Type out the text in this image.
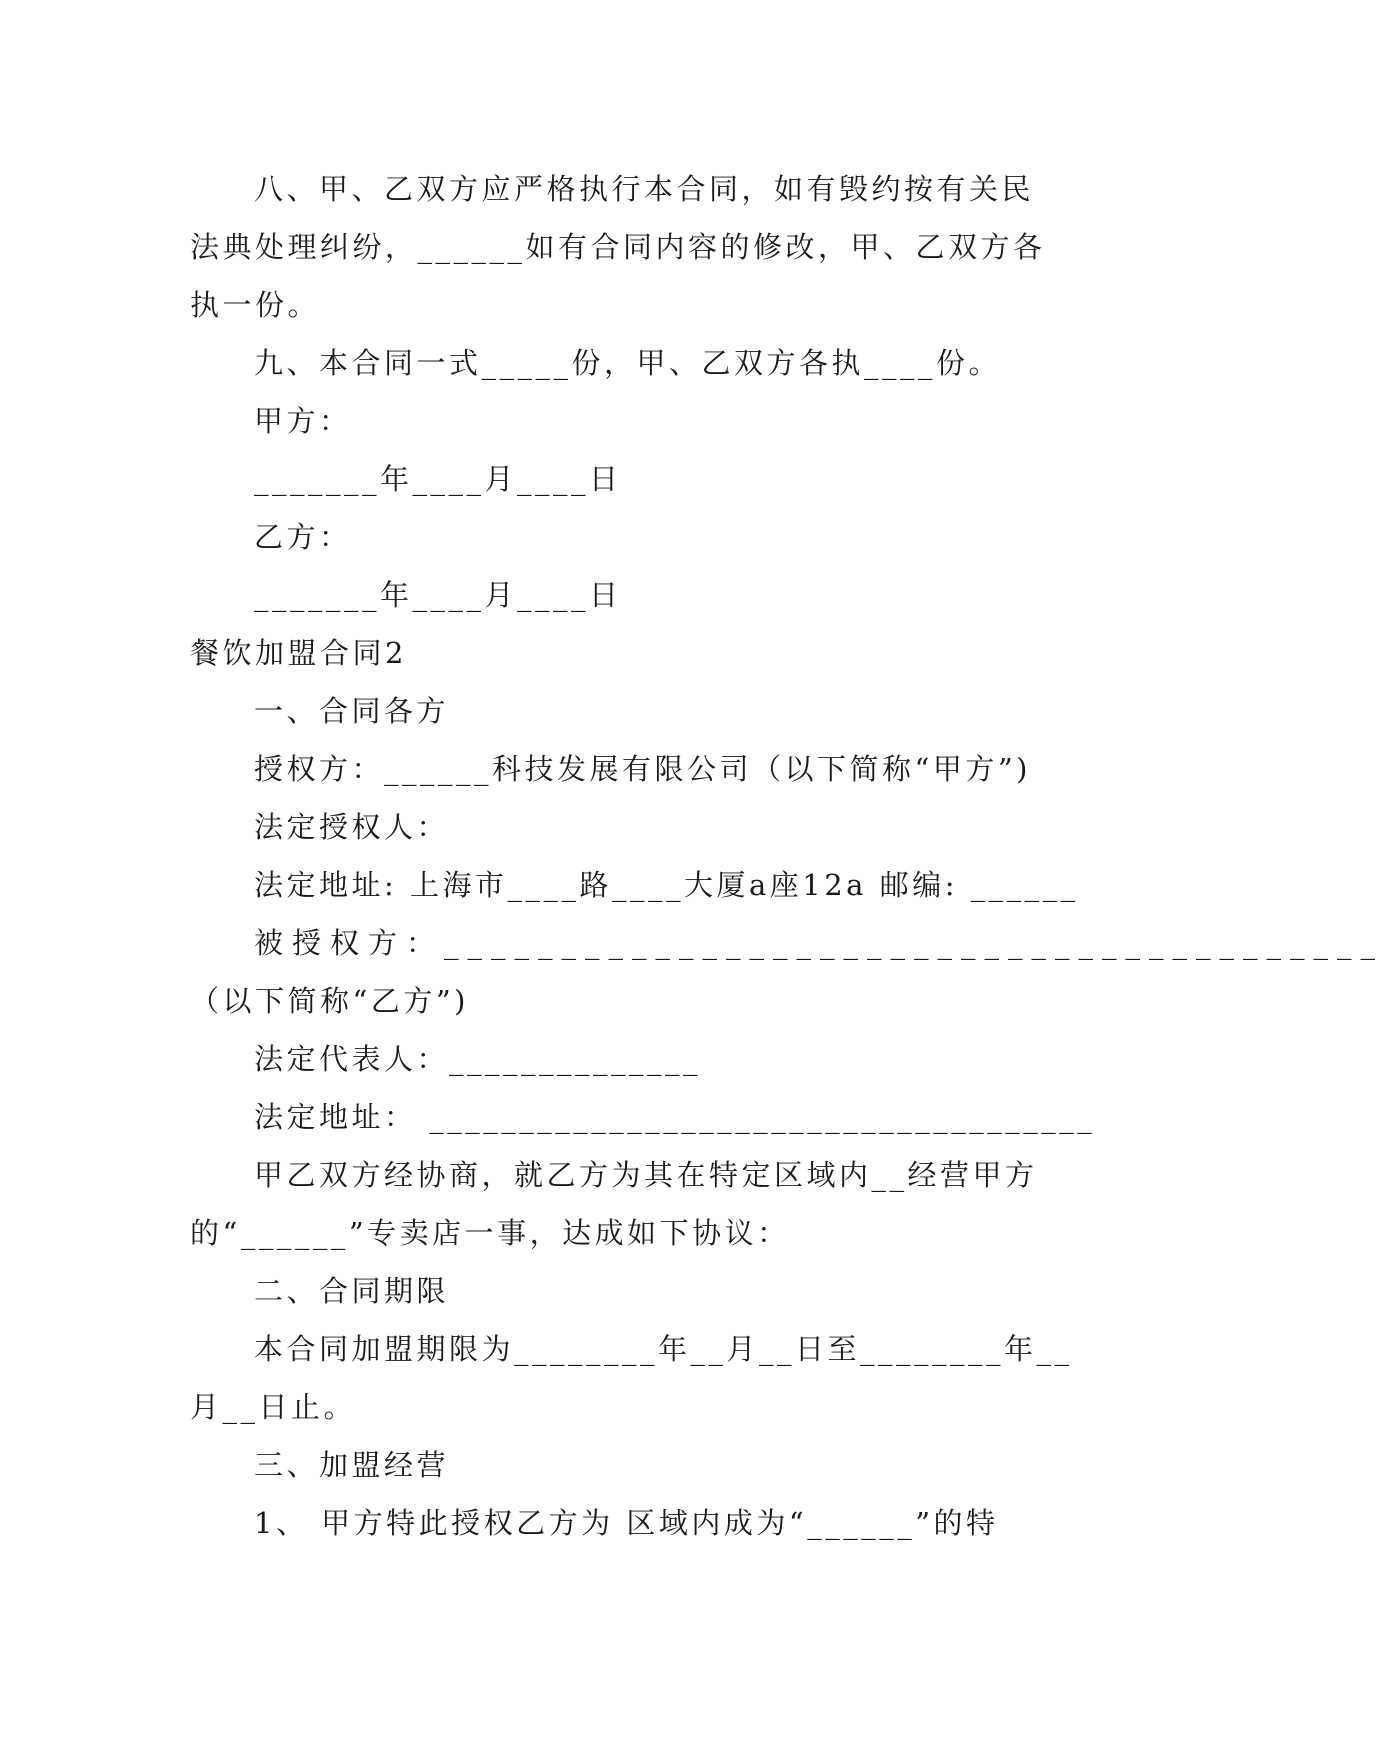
八、甲、乙双方应严格执行本合同，如有毁约按有关民

法典处理纠纷，______如有合同内容的修改，甲、乙双方各

执一份。

九、本合同一式_____份，甲、乙双方各执____份。

甲方：

_______年____月____日

乙方：

_______年____月____日

餐饮加盟合同2

一、合同各方

授权方：______科技发展有限公司（以下简称“甲方”)

法定授权人：

法定地址: 上海市____路____大厦a座12a 邮编: ______

被授权方：________________________________________

（以下简称“乙方”)

法定代表人：______________

法定地址： _____________________________________

甲乙双方经协商，就乙方为其在特定区域内__经营甲方

的“______”专卖店一事，达成如下协议：

二、合同期限

本合同加盟期限为________年__月__日至________年__

月__日止。

三、加盟经营

1、 甲方特此授权乙方为 区域内成为“______”的特
